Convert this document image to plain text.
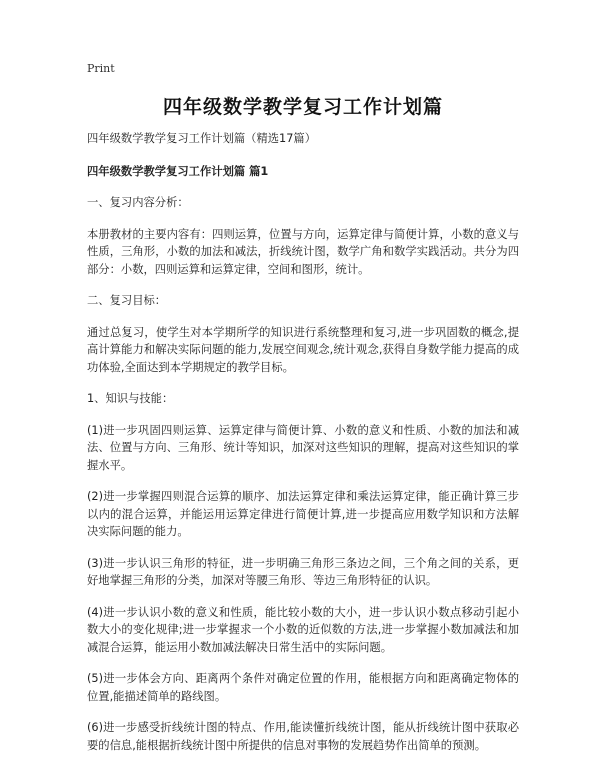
Print
四年级数学教学复习工作计划篇
四年级数学教学复习工作计划篇（精选17篇）
四年级数学教学复习工作计划篇 篇1
一、复习内容分析：
本册教材的主要内容有：四则运算，位置与方向，运算定律与简便计算，小数的意义与性质，三角形，小数的加法和减法，折线统计图，数学广角和数学实践活动。共分为四部分：小数，四则运算和运算定律，空间和图形，统计。
二、复习目标：
通过总复习，使学生对本学期所学的知识进行系统整理和复习,进一步巩固数的概念,提高计算能力和解决实际问题的能力,发展空间观念,统计观念,获得自身数学能力提高的成功体验,全面达到本学期规定的教学目标。
1、知识与技能：
(1)进一步巩固四则运算、运算定律与简便计算、小数的意义和性质、小数的加法和减法、位置与方向、三角形、统计等知识，加深对这些知识的理解，提高对这些知识的掌握水平。
(2)进一步掌握四则混合运算的顺序、加法运算定律和乘法运算定律，能正确计算三步以内的混合运算，并能运用运算定律进行简便计算,进一步提高应用数学知识和方法解决实际问题的能力。
(3)进一步认识三角形的特征，进一步明确三角形三条边之间，三个角之间的关系，更好地掌握三角形的分类，加深对等腰三角形、等边三角形特征的认识。
(4)进一步认识小数的意义和性质，能比较小数的大小，进一步认识小数点移动引起小数大小的变化规律;进一步掌握求一个小数的近似数的方法,进一步掌握小数加减法和加减混合运算，能运用小数加减法解决日常生活中的实际问题。
(5)进一步体会方向、距离两个条件对确定位置的作用，能根据方向和距离确定物体的位置,能描述简单的路线图。
(6)进一步感受折线统计图的特点、作用,能读懂折线统计图，能从折线统计图中获取必要的信息,能根据折线统计图中所提供的信息对事物的发展趋势作出简单的预测。
